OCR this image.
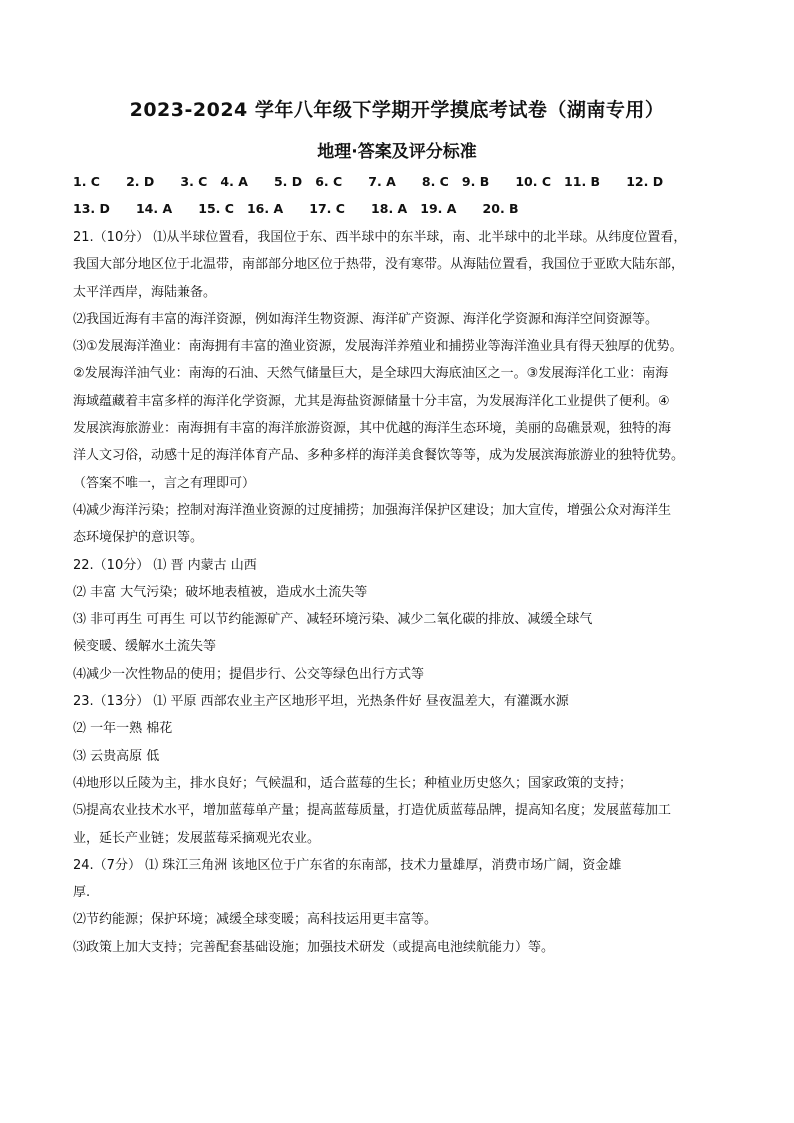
2023-2024 学年八年级下学期开学摸底考试卷（湖南专用）
地理·答案及评分标准
1. C      2. D      3. C   4. A      5. D   6. C      7. A      8. C   9. B      10. C   11. B      12. D
13. D      14. A      15. C   16. A      17. C      18. A   19. A      20. B
21.（10分） ⑴从半球位置看，我国位于东、西半球中的东半球，南、北半球中的北半球。从纬度位置看，
我国大部分地区位于北温带，南部部分地区位于热带，没有寒带。从海陆位置看，我国位于亚欧大陆东部，
太平洋西岸，海陆兼备。
⑵我国近海有丰富的海洋资源，例如海洋生物资源、海洋矿产资源、海洋化学资源和海洋空间资源等。
⑶①发展海洋渔业：南海拥有丰富的渔业资源，发展海洋养殖业和捕捞业等海洋渔业具有得天独厚的优势。
②发展海洋油气业：南海的石油、天然气储量巨大，是全球四大海底油区之一。③发展海洋化工业：南海
海域蕴藏着丰富多样的海洋化学资源，尤其是海盐资源储量十分丰富，为发展海洋化工业提供了便利。④
发展滨海旅游业：南海拥有丰富的海洋旅游资源，其中优越的海洋生态环境，美丽的岛礁景观，独特的海
洋人文习俗，动感十足的海洋体育产品、多种多样的海洋美食餐饮等等，成为发展滨海旅游业的独特优势。
（答案不唯一，言之有理即可）
⑷减少海洋污染；控制对海洋渔业资源的过度捕捞；加强海洋保护区建设；加大宣传，增强公众对海洋生
态环境保护的意识等。
22.（10分） ⑴ 晋 内蒙古 山西
⑵ 丰富 大气污染；破坏地表植被，造成水土流失等
⑶ 非可再生 可再生 可以节约能源矿产、减轻环境污染、减少二氧化碳的排放、减缓全球气
候变暖、缓解水土流失等
⑷减少一次性物品的使用；提倡步行、公交等绿色出行方式等
23.（13分） ⑴ 平原 西部农业主产区地形平坦，光热条件好 昼夜温差大，有灌溉水源
⑵ 一年一熟 棉花
⑶ 云贵高原 低
⑷地形以丘陵为主，排水良好；气候温和，适合蓝莓的生长；种植业历史悠久；国家政策的支持；
⑸提高农业技术水平，增加蓝莓单产量；提高蓝莓质量，打造优质蓝莓品牌，提高知名度；发展蓝莓加工
业，延长产业链；发展蓝莓采摘观光农业。
24.（7分） ⑴ 珠江三角洲 该地区位于广东省的东南部，技术力量雄厚，消费市场广阔，资金雄
厚.
⑵节约能源；保护环境；减缓全球变暖；高科技运用更丰富等。
⑶政策上加大支持；完善配套基础设施；加强技术研发（或提高电池续航能力）等。
